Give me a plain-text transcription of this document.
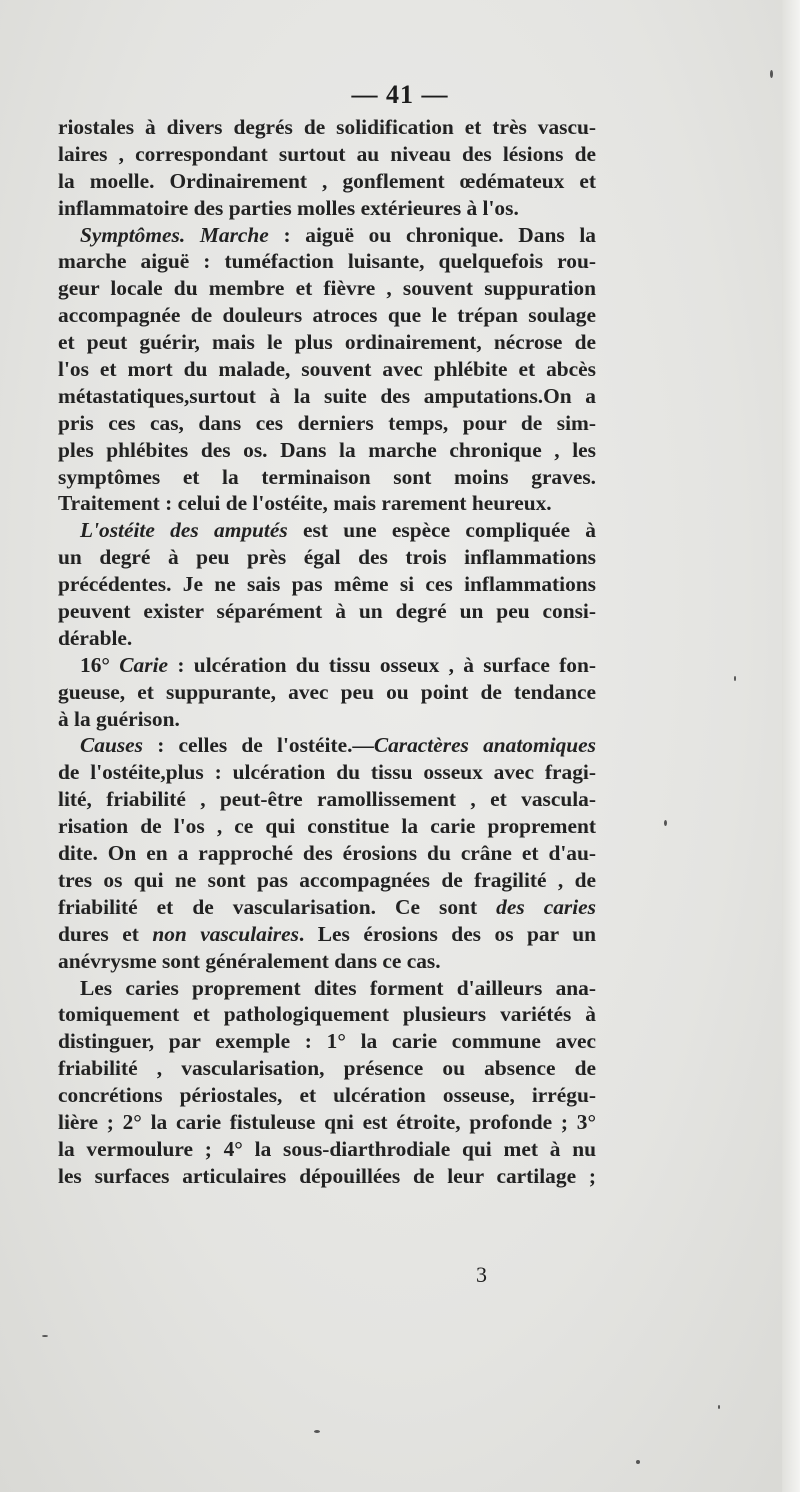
— 41 —
riostales à divers degrés de solidification et très vascu-
laires , correspondant surtout au niveau des lésions de
la moelle. Ordinairement , gonflement œdémateux et
inflammatoire des parties molles extérieures à l'os.
Symptômes. Marche : aiguë ou chronique. Dans la
marche aiguë : tuméfaction luisante, quelquefois rou-
geur locale du membre et fièvre , souvent suppuration
accompagnée de douleurs atroces que le trépan soulage
et peut guérir, mais le plus ordinairement, nécrose de
l'os et mort du malade, souvent avec phlébite et abcès
métastatiques,surtout à la suite des amputations.On a
pris ces cas, dans ces derniers temps, pour de sim-
ples phlébites des os. Dans la marche chronique , les
symptômes et la terminaison sont moins graves.
Traitement : celui de l'ostéite, mais rarement heureux.
L'ostéite des amputés est une espèce compliquée à
un degré à peu près égal des trois inflammations
précédentes. Je ne sais pas même si ces inflammations
peuvent exister séparément à un degré un peu consi-
dérable.
16° Carie : ulcération du tissu osseux , à surface fon-
gueuse, et suppurante, avec peu ou point de tendance
à la guérison.
Causes : celles de l'ostéite.—Caractères anatomiques
de l'ostéite,plus : ulcération du tissu osseux avec fragi-
lité, friabilité , peut-être ramollissement , et vascula-
risation de l'os , ce qui constitue la carie proprement
dite. On en a rapproché des érosions du crâne et d'au-
tres os qui ne sont pas accompagnées de fragilité , de
friabilité et de vascularisation. Ce sont des caries
dures et non vasculaires. Les érosions des os par un
anévrysme sont généralement dans ce cas.
Les caries proprement dites forment d'ailleurs ana-
tomiquement et pathologiquement plusieurs variétés à
distinguer, par exemple : 1° la carie commune avec
friabilité , vascularisation, présence ou absence de
concrétions périostales, et ulcération osseuse, irrégu-
lière ; 2° la carie fistuleuse qni est étroite, profonde ; 3°
la vermoulure ; 4° la sous-diarthrodiale qui met à nu
les surfaces articulaires dépouillées de leur cartilage ;
3
